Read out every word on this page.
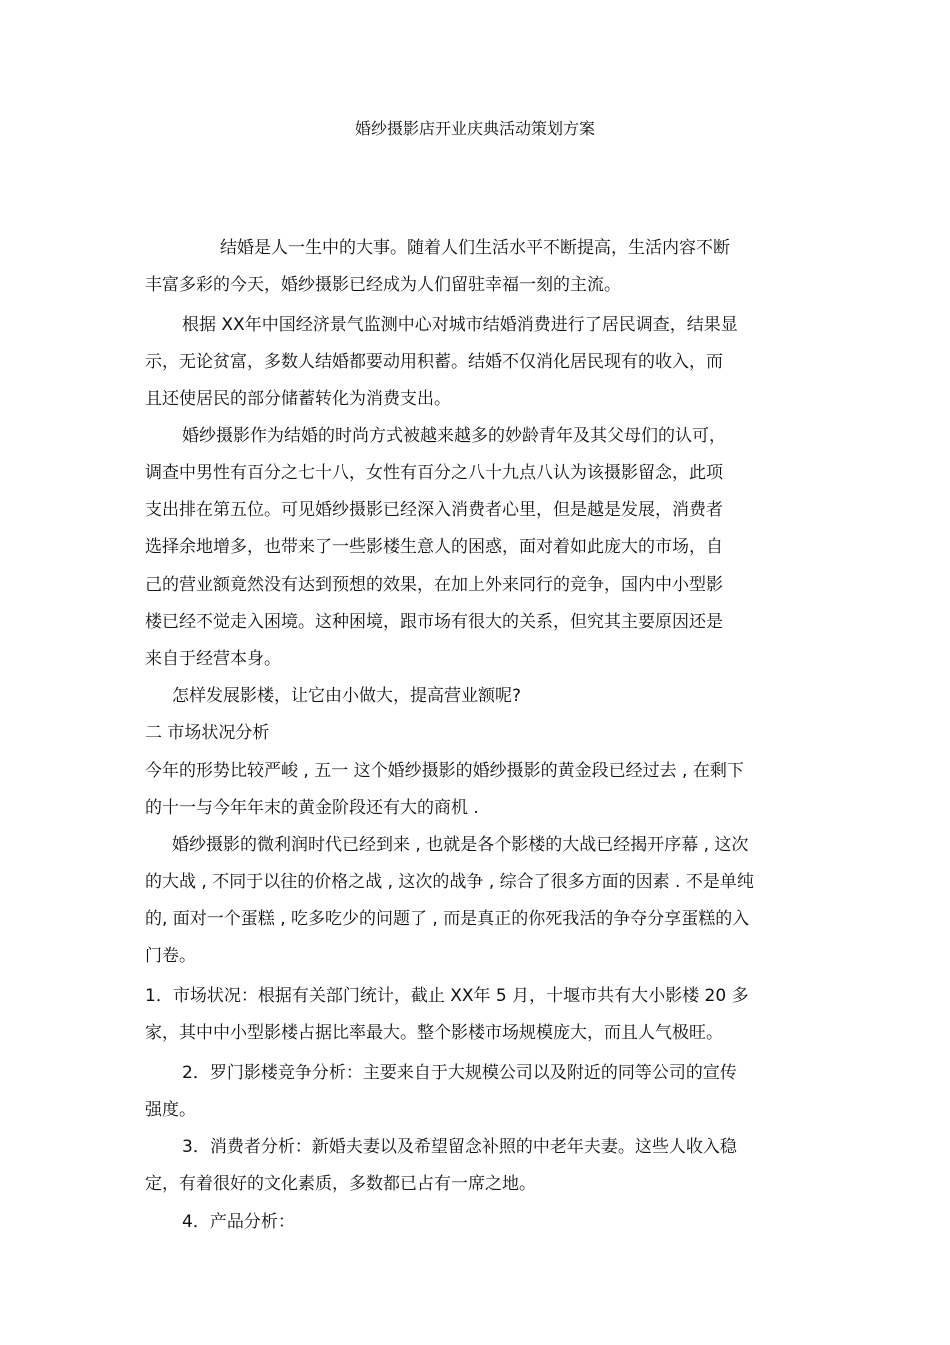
婚纱摄影店开业庆典活动策划方案
结婚是人一生中的大事。随着人们生活水平不断提高，生活内容不断
丰富多彩的今天，婚纱摄影已经成为人们留驻幸福一刻的主流。
根据 XX年中国经济景气监测中心对城市结婚消费进行了居民调查，结果显
示，无论贫富，多数人结婚都要动用积蓄。结婚不仅消化居民现有的收入，而
且还使居民的部分储蓄转化为消费支出。
婚纱摄影作为结婚的时尚方式被越来越多的妙龄青年及其父母们的认可，
调查中男性有百分之七十八，女性有百分之八十九点八认为该摄影留念，此项
支出排在第五位。可见婚纱摄影已经深入消费者心里，但是越是发展，消费者
选择余地增多，也带来了一些影楼生意人的困惑，面对着如此庞大的市场，自
己的营业额竟然没有达到预想的效果，在加上外来同行的竞争，国内中小型影
楼已经不觉走入困境。这种困境，跟市场有很大的关系，但究其主要原因还是
来自于经营本身。
怎样发展影楼，让它由小做大，提高营业额呢?
二 市场状况分析
今年的形势比较严峻 , 五一 这个婚纱摄影的婚纱摄影的黄金段已经过去 , 在剩下
的十一与今年年末的黄金阶段还有大的商机 .
婚纱摄影的微利润时代已经到来 , 也就是各个影楼的大战已经揭开序幕 , 这次
的大战 , 不同于以往的价格之战 , 这次的战争 , 综合了很多方面的因素 . 不是单纯
的, 面对一个蛋糕 , 吃多吃少的问题了 , 而是真正的你死我活的争夺分享蛋糕的入
门卷。
1．市场状况：根据有关部门统计，截止 XX年 5 月，十堰市共有大小影楼 20 多
家，其中中小型影楼占据比率最大。整个影楼市场规模庞大，而且人气极旺。
2．罗门影楼竞争分析：主要来自于大规模公司以及附近的同等公司的宣传
强度。
3．消费者分析：新婚夫妻以及希望留念补照的中老年夫妻。这些人收入稳
定，有着很好的文化素质，多数都已占有一席之地。
4．产品分析：
